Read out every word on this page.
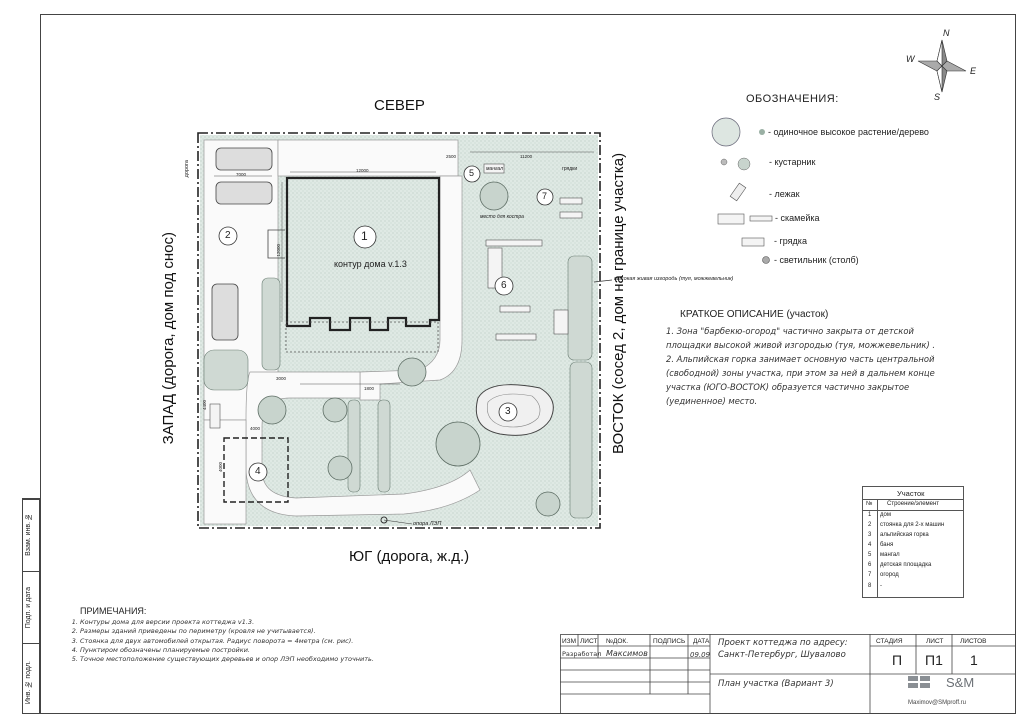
Взам. инв. №
Подп. и дата
Инв. № подл.
N
S
W
E
1
2
3
4
5
6
7
контур дома v.1.3
мангал
место для костра
грядки
высокая живая изгородь (туя, можжевельник)
опора ЛЭП
дорога	12000
12000
2500	11200
7000
3000
4400
1800
4000
4000
СЕВЕР
ЮГ (дорога, ж.д.)
ЗАПАД (дорога, дом под снос)	ВОСТОК (сосед 2, дом на границе участка)
ОБОЗНАЧЕНИЯ:
- одиночное высокое растение/дерево
- кустарник
- лежак
- скамейка
- грядка
- светильник (столб)
КРАТКОЕ ОПИСАНИЕ (участок)
1. Зона "барбекю-огород" частично закрыта от детской
площадки высокой живой изгородью (туя, можжевельник) .
2. Альпийская горка занимает основную часть центральной
(свободной) зоны участка, при этом за ней в дальнем конце
участка (ЮГО-ВОСТОК) образуется частично закрытое
(уединенное) место.
Участок
№ Строение/элемент
1 дом
2 стоянка для 2-х машин
3 альпийская горка
4 баня
5 мангал
6 детская площадка
7 огород
8 -
ПРИМЕЧАНИЯ:
1. Контуры дома для версии проекта коттеджа v1.3.
2. Размеры зданий приведены по периметру (кровля не учитывается).
3. Стоянка для двух автомобилей открытая. Радиус поворота = 4метра (см. рис).
4. Пунктиром обозначены планируемые постройки.
5. Точное местоположение существующих деревьев и опор ЛЭП необходимо уточнить.
ИЗМ ЛИСТ №ДОК.	ПОДПИСЬ ДАТА
Разработал Максимов	09.09
Проект коттеджа по адресу:
Санкт-Петербург, Шувалово
План участка (Вариант 3)
СТАДИЯ	ЛИСТ	ЛИСТОВ
П П1 1
S&M
Maximov@SMproff.ru
